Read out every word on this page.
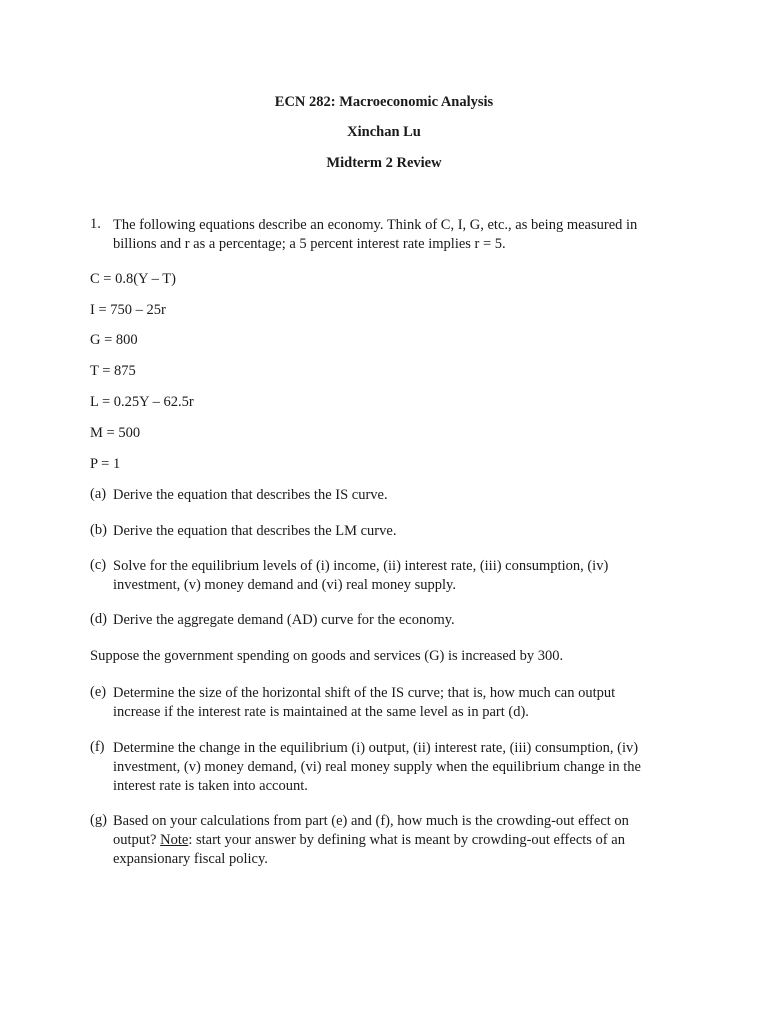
ECN 282: Macroeconomic Analysis
Xinchan Lu
Midterm 2 Review
1. The following equations describe an economy. Think of C, I, G, etc., as being measured in billions and r as a percentage; a 5 percent interest rate implies r = 5.
C = 0.8(Y – T)
I = 750 – 25r
G = 800
T = 875
L = 0.25Y – 62.5r
M = 500
P = 1
(a) Derive the equation that describes the IS curve.
(b) Derive the equation that describes the LM curve.
(c) Solve for the equilibrium levels of (i) income, (ii) interest rate, (iii) consumption, (iv) investment, (v) money demand and (vi) real money supply.
(d) Derive the aggregate demand (AD) curve for the economy.
Suppose the government spending on goods and services (G) is increased by 300.
(e) Determine the size of the horizontal shift of the IS curve; that is, how much can output increase if the interest rate is maintained at the same level as in part (d).
(f) Determine the change in the equilibrium (i) output, (ii) interest rate, (iii) consumption, (iv) investment, (v) money demand, (vi) real money supply when the equilibrium change in the interest rate is taken into account.
(g) Based on your calculations from part (e) and (f), how much is the crowding-out effect on output? Note: start your answer by defining what is meant by crowding-out effects of an expansionary fiscal policy.
